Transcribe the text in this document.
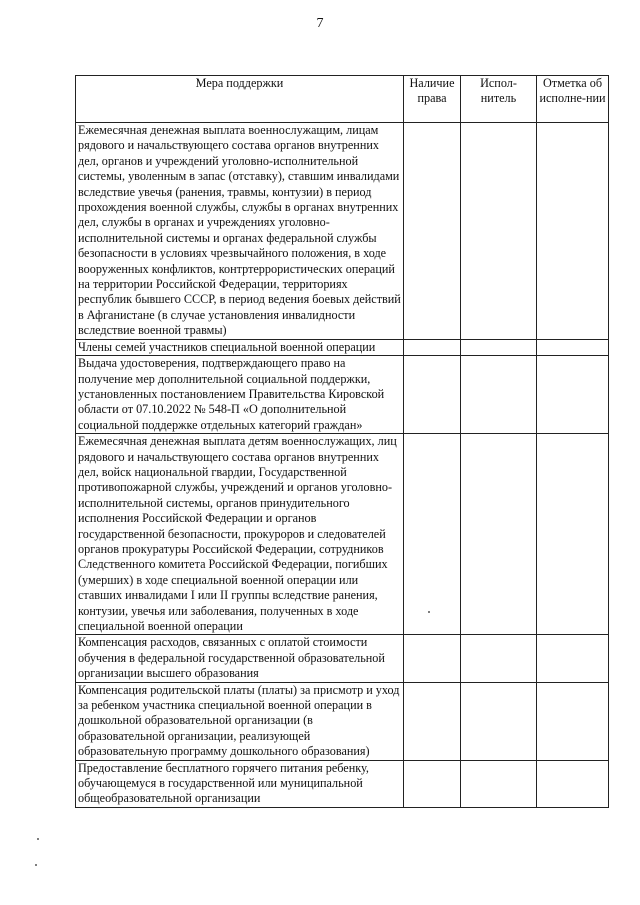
7
Мера поддержки	Наличие права	Испол-нитель	Отметка об исполне-нии

Ежемесячная денежная выплата военнослужащим, лицам рядового и начальствующего состава органов внутренних дел, органов и учреждений уголовно-исполнительной системы, уволенным в запас (отставку), ставшим инвалидами вследствие увечья (ранения, травмы, контузии) в период прохождения военной службы, службы в органах внутренних дел, службы в органах и учреждениях уголовно-исполнительной системы и органах федеральной службы безопасности в условиях чрезвычайного положения, в ходе вооруженных конфликтов, контртеррористических операций на территории Российской Федерации, территориях республик бывшего СССР, в период ведения боевых действий в Афганистане (в случае установления инвалидности вследствие военной травмы)			

Члены семей участников специальной военной операции			

Выдача удостоверения, подтверждающего право на получение мер дополнительной социальной поддержки, установленных постановлением Правительства Кировской области от 07.10.2022 № 548-П «О дополнительной социальной поддержке отдельных категорий граждан»			

Ежемесячная денежная выплата детям военнослужащих, лиц рядового и начальствующего состава органов внутренних дел, войск национальной гвардии, Государственной противопожарной службы, учреждений и органов уголовно-исполнительной системы, органов принудительного исполнения Российской Федерации и органов государственной безопасности, прокуроров и следователей органов прокуратуры Российской Федерации, сотрудников Следственного комитета Российской Федерации, погибших (умерших) в ходе специальной военной операции или ставших инвалидами I или II группы вследствие ранения, контузии, увечья или заболевания, полученных в ходе специальной военной операции			

Компенсация расходов, связанных с оплатой стоимости обучения в федеральной государственной образовательной организации высшего образования			

Компенсация родительской платы (платы) за присмотр и уход за ребенком участника специальной военной операции в дошкольной образовательной организации (в образовательной организации, реализующей образовательную программу дошкольного образования)			

Предоставление бесплатного горячего питания ребенку, обучающемуся в государственной или муниципальной общеобразовательной организации			
